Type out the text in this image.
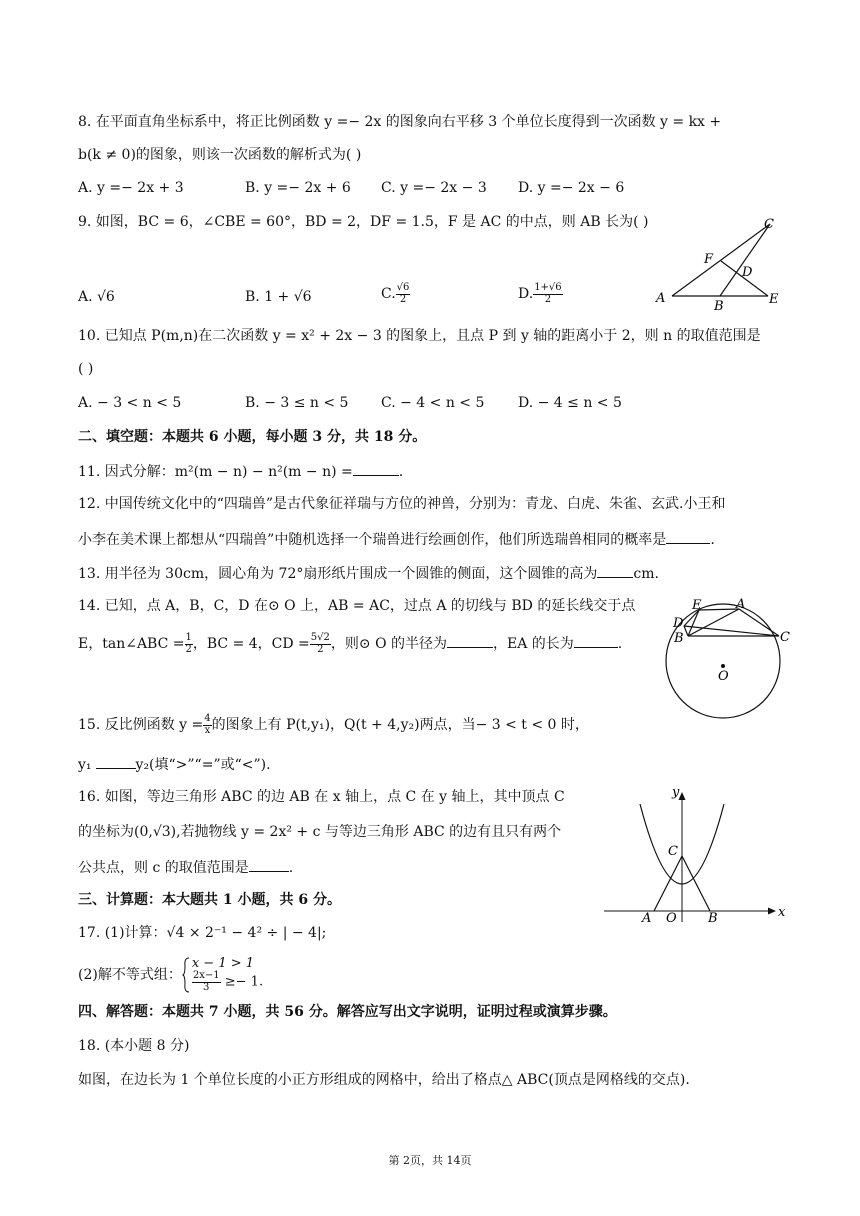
8. 在平面直角坐标系中，将正比例函数 y =− 2x 的图象向右平移 3 个单位长度得到一次函数 y = kx +
b(k ≠ 0)的图象，则该一次函数的解析式为( )
A. y =− 2x + 3	B. y =− 2x + 6 C. y =− 2x − 3 D. y =− 2x − 6
9. 如图，BC = 6，∠CBE = 60°，BD = 2，DF = 1.5，F 是 AC 的中点，则 AB 长为( )
A. √6	B. 1 + √6	C. $\frac{√6}{2}$	D. $\frac{1+√6}{2}$
C
F
D
A
B	E
10. 已知点 P(m,n)在二次函数 y = x² + 2x − 3 的图象上，且点 P 到 y 轴的距离小于 2，则 n 的取值范围是
( )
A. − 3 < n < 5	B. − 3 ≤ n < 5 C. − 4 < n < 5 D. − 4 ≤ n < 5
二、填空题：本题共 6 小题，每小题 3 分，共 18 分。
11. 因式分解：m²(m − n) − n²(m − n) =	.
12. 中国传统文化中的“四瑞兽”是古代象征祥瑞与方位的神兽，分别为：青龙、白虎、朱雀、玄武.小王和
小李在美术课上都想从“四瑞兽”中随机选择一个瑞兽进行绘画创作，他们所选瑞兽相同的概率是	.
13. 用半径为 30cm，圆心角为 72°扇形纸片围成一个圆锥的侧面，这个圆锥的高为	cm.
14. 已知，点 A，B，C，D 在⊙ O 上，AB = AC，过点 A 的切线与 BD 的延长线交于点
E，tan∠ABC = $\frac{1}{2}$ ，BC = 4，CD = $\frac{5√2}{2}$ ，则⊙ O 的半径为	，EA 的长为	.
E	A
D
B	C
O
15. 反比例函数 $y = \frac{4}{x}$ 的图象上有 P(t,y₁)，Q(t + 4,y₂)两点，当− 3 < t < 0 时，
y₁	y₂(填“>”“=”或“<”).
16. 如图，等边三角形 ABC 的边 AB 在 x 轴上，点 C 在 y 轴上，其中顶点 C
的坐标为(0,√3),若抛物线 y = 2x² + c 与等边三角形 ABC 的边有且只有两个
公共点，则 c 的取值范围是	.
y
C
A O B	x
三、计算题：本大题共 1 小题，共 6 分。
17. (1)计算：√4 × 2⁻¹ − 4² ÷ | − 4|;
(2)解不等式组：
x − 1 > 1
$\frac{2x-1}{3} \ge- 1$.
四、解答题：本题共 7 小题，共 56 分。解答应写出文字说明，证明过程或演算步骤。
18. (本小题 8 分)
如图，在边长为 1 个单位长度的小正方形组成的网格中，给出了格点△ ABC(顶点是网格线的交点).
第 2页，共 14页
